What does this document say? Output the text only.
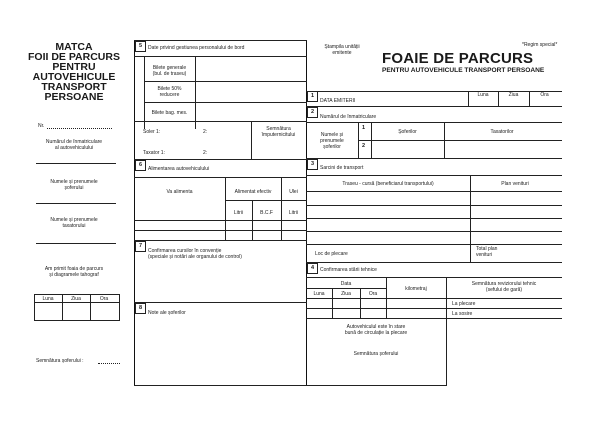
MATCA
FOII DE PARCURS
PENTRU
AUTOVEHICULE
TRANSPORT
PERSOANE
Nr.
Numărul de înmatriculare
al autovehiculului
Numele și prenumele
șoferului
Numele și prenumele
taxatorului
Am primit foaia de parcurs
și diagramele tahograf
Luna	Ziua	Ora
Semnătura șoferului :
5	Date privind gestiunea personalului de bord
Bilete generale
(bul. de traseu)
Bilete 50%
reducere
Bilete bag. mes.
Soler 1:	2:
Taxator 1:	2:
Semnătura
împuternicitului
6
Alimentarea autovehiculului
Va alimenta	Alimentat efectiv	Ulei
Litrii	B.C.F	Litrii
7
Confirmarea cursilor în convenție
(speciale și notări ale organului de control)
8
Note ale șoferilor
Ștampila unității
emitente
*Regim special*
FOAIE DE PARCURS
PENTRU AUTOVEHICULE TRANSPORT PERSOANE
1
DATA EMITERII
Luna	Ziua	Ora
2
Numărul de înmatriculare
Numele și
prenumele
șoferilor
1
2
Șoferilor	Taxatorilor
3
Sarcini de transport
Traseu - cursă (beneficiarul transportului)	Plan venituri
Loc de plecare
Total plan
venituri
4	Confirmarea stării tehnice
Data
Luna	Ziua	Ora
kilometraj
Semnătura reviziorului tehnic
(sefului de gară)
La plecare
La sosire
Autovehiculul este în stare
bună de circulație la plecare
Semnătura șoferului
